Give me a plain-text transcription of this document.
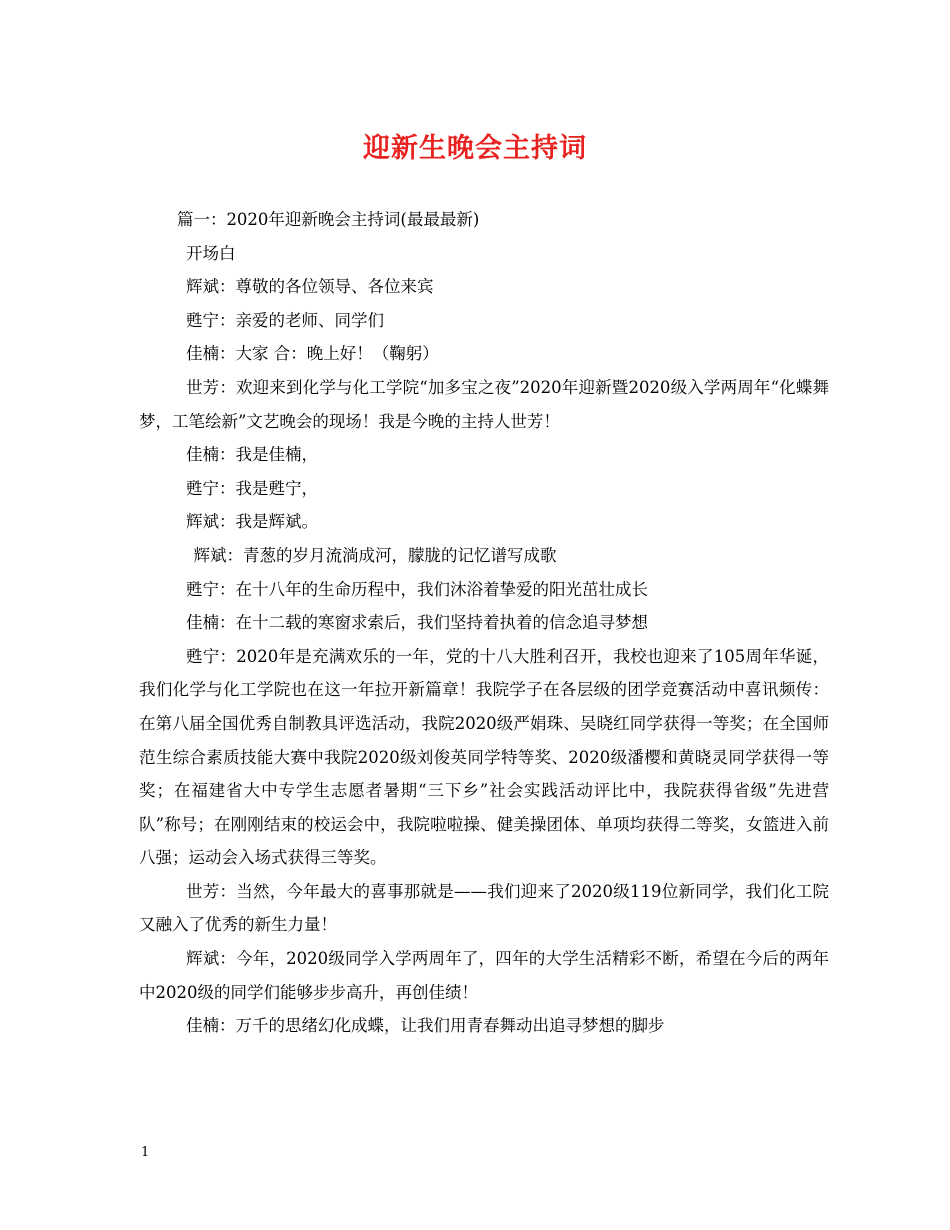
迎新生晚会主持词

篇一：2020年迎新晚会主持词(最最最新)

开场白

辉斌：尊敬的各位领导、各位来宾

甦宁：亲爱的老师、同学们

佳楠：大家 合：晚上好！（鞠躬）

世芳：欢迎来到化学与化工学院“加多宝之夜”2020年迎新暨2020级入学两周年“化蝶舞梦，工笔绘新”文艺晚会的现场！我是今晚的主持人世芳！

佳楠：我是佳楠，

甦宁：我是甦宁，

辉斌：我是辉斌。

辉斌：青葱的岁月流淌成河，朦胧的记忆谱写成歌

甦宁：在十八年的生命历程中，我们沐浴着挚爱的阳光茁壮成长

佳楠：在十二载的寒窗求索后，我们坚持着执着的信念追寻梦想

甦宁：2020年是充满欢乐的一年，党的十八大胜利召开，我校也迎来了105周年华诞，我们化学与化工学院也在这一年拉开新篇章！我院学子在各层级的团学竞赛活动中喜讯频传：在第八届全国优秀自制教具评选活动，我院2020级严娟珠、吴晓红同学获得一等奖；在全国师范生综合素质技能大赛中我院2020级刘俊英同学特等奖、2020级潘樱和黄晓灵同学获得一等奖；在福建省大中专学生志愿者暑期“三下乡”社会实践活动评比中，我院获得省级”先进营队”称号；在刚刚结束的校运会中，我院啦啦操、健美操团体、单项均获得二等奖，女篮进入前八强；运动会入场式获得三等奖。

世芳：当然，今年最大的喜事那就是——我们迎来了2020级119位新同学，我们化工院又融入了优秀的新生力量！

辉斌：今年，2020级同学入学两周年了，四年的大学生活精彩不断，希望在今后的两年中2020级的同学们能够步步高升，再创佳绩！

佳楠：万千的思绪幻化成蝶，让我们用青春舞动出追寻梦想的脚步

1
